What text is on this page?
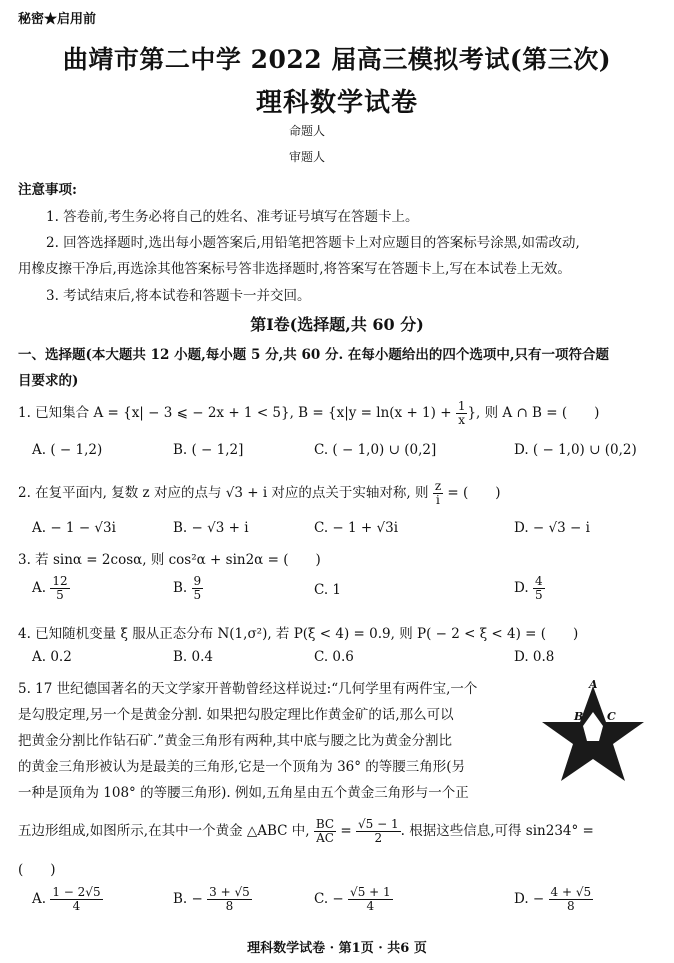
秘密★启用前
曲靖市第二中学 2022 届高三模拟考试(第三次)
理科数学试卷
命题人
审题人
注意事项:
1. 答卷前,考生务必将自己的姓名、准考证号填写在答题卡上。
2. 回答选择题时,选出每小题答案后,用铅笔把答题卡上对应题目的答案标号涂黑,如需改动,
用橡皮擦干净后,再选涂其他答案标号答非选择题时,将答案写在答题卡上,写在本试卷上无效。
3. 考试结束后,将本试卷和答题卡一并交回。
第Ⅰ卷(选择题,共 60 分)
一、选择题(本大题共 12 小题,每小题 5 分,共 60 分. 在每小题给出的四个选项中,只有一项符合题
目要求的)
1. 已知集合 A = {x| − 3 ⩽ − 2x + 1 < 5}, $B = \{x|y = \ln(x + 1) + \frac{1}{x}$ }, 则 A ∩ B = (　　)
A. ( − 1,2)	B. ( − 1,2]	C. ( − 1,0) ∪ (0,2]	D. ( − 1,0) ∪ (0,2)
2. 在复平面内, 复数 z 对应的点与 √3 + i 对应的点关于实轴对称, 则 $\frac{z}{i}$ = (　　)
A. − 1 − √3i	B. − √3 + i	C. − 1 + √3i	D. − √3 − i
3. 若 sinα = 2cosα, 则 cos²α + sin2α = (　　)
A. $\frac{12}{5}$	B. $\frac{9}{5}$	C. 1	D. $\frac{4}{5}$
4. 已知随机变量 ξ 服从正态分布 N(1,σ²), 若 P(ξ < 4) = 0.9, 则 P( − 2 < ξ < 4) = (　　)
A. 0.2	B. 0.4	C. 0.6	D. 0.8
5. 17 世纪德国著名的天文学家开普勒曾经这样说过:“几何学里有两件宝,一个
是勾股定理,另一个是黄金分割. 如果把勾股定理比作黄金矿的话,那么可以
把黄金分割比作钻石矿.”黄金三角形有两种,其中底与腰之比为黄金分割比
的黄金三角形被认为是最美的三角形,它是一个顶角为 36° 的等腰三角形(另
一种是顶角为 108° 的等腰三角形). 例如,五角星由五个黄金三角形与一个正
五边形组成,如图所示,在其中一个黄金 △ABC 中, $\frac{BC}{AC} = \frac{√5 - 1}{2}$ . 根据这些信息,可得 sin234° =
(　　)
A. $\frac{1 - 2√5}{4}$	B. − $\frac{3 + √5}{8}$	C. − $\frac{√5 + 1}{4}$	D. − $\frac{4 + √5}{8}$
A
B C
理科数学试卷 · 第1页 · 共6 页
